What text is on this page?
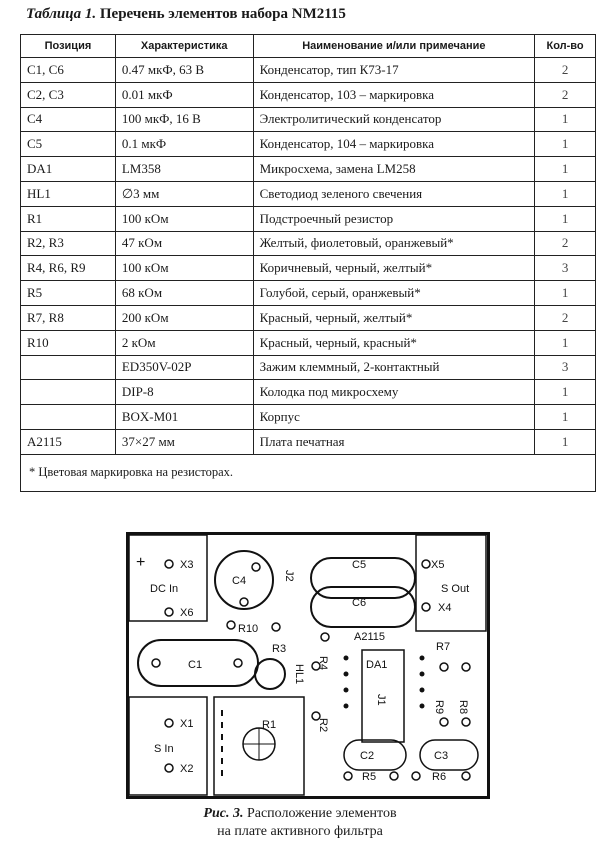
Таблица 1. Перечень элементов набора NM2115
Позиция	Характеристика	Наименование и/или примечание	Кол-во
C1, C6	0.47 мкФ, 63 В	Конденсатор, тип К73-17	2
C2, C3	0.01 мкФ	Конденсатор, 103 – маркировка	2
C4	100 мкФ, 16 В	Электролитический конденсатор	1
C5	0.1 мкФ	Конденсатор, 104 – маркировка	1
DA1	LM358	Микросхема, замена LM258	1
HL1	∅3 мм	Светодиод зеленого свечения	1
R1	100 кОм	Подстроечный резистор	1
R2, R3	47 кОм	Желтый, фиолетовый, оранжевый*	2
R4, R6, R9	100 кОм	Коричневый, черный, желтый*	3
R5	68 кОм	Голубой, серый, оранжевый*	1
R7, R8	200 кОм	Красный, черный, желтый*	2
R10	2 кОм	Красный, черный, красный*	1
	ED350V-02P	Зажим клеммный, 2-контактный	3
	DIP-8	Колодка под микросхему	1
	BOX-M01	Корпус	1
A2115	37×27 мм	Плата печатная	1
* Цветовая маркировка на резисторах.			
+	X3
DC In
X6
X5
S Out
X4
X1
S In
X2
C4
C5
C6
C1
R10
R3
A2115
DA1
R7
R1
C2	C3
R5	R6
J2
R4
HL1
R2
J1
R9 R8
Рис. 3. Расположение элементов
на плате активного фильтра
